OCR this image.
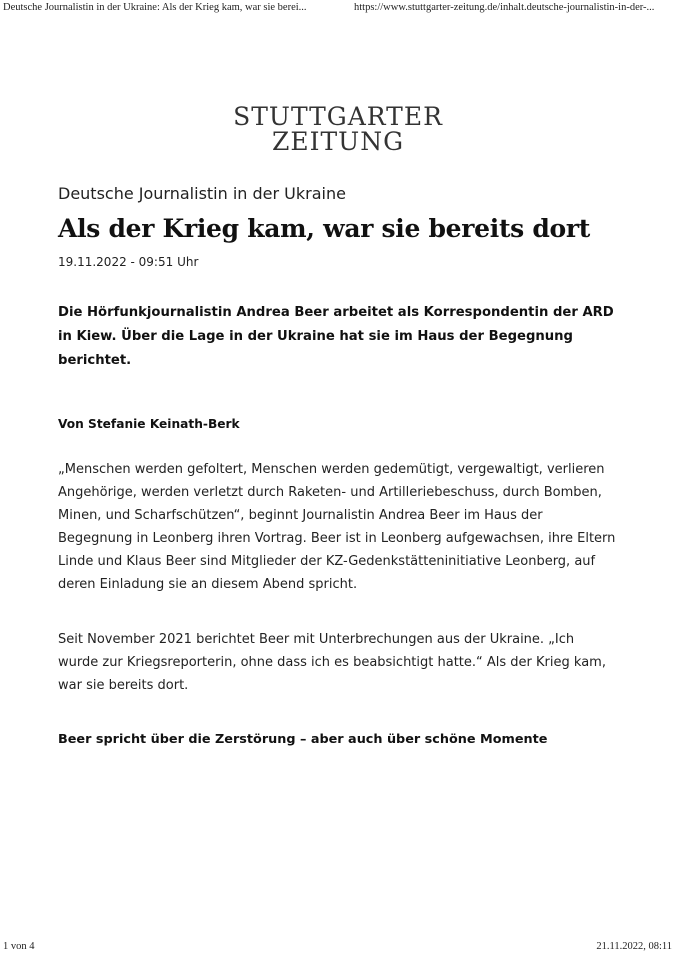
Deutsche Journalistin in der Ukraine: Als der Krieg kam, war sie berei...	https://www.stuttgarter-zeitung.de/inhalt.deutsche-journalistin-in-der-...
STUTTGARTER
ZEITUNG

Deutsche Journalistin in der Ukraine

Als der Krieg kam, war sie bereits dort

19.11.2022 - 09:51 Uhr

Die Hörfunkjournalistin Andrea Beer arbeitet als Korrespondentin der ARD in Kiew. Über die Lage in der Ukraine hat sie im Haus der Begegnung berichtet.

Von Stefanie Keinath-Berk

„Menschen werden gefoltert, Menschen werden gedemütigt, vergewaltigt, verlieren Angehörige, werden verletzt durch Raketen- und Artilleriebeschuss, durch Bomben, Minen, und Scharfschützen“, beginnt Journalistin Andrea Beer im Haus der Begegnung in Leonberg ihren Vortrag. Beer ist in Leonberg aufgewachsen, ihre Eltern Linde und Klaus Beer sind Mitglieder der KZ-Gedenkstätteninitiative Leonberg, auf deren Einladung sie an diesem Abend spricht.

Seit November 2021 berichtet Beer mit Unterbrechungen aus der Ukraine. „Ich wurde zur Kriegsreporterin, ohne dass ich es beabsichtigt hatte.“ Als der Krieg kam, war sie bereits dort.

Beer spricht über die Zerstörung – aber auch über schöne Momente
1 von 4	21.11.2022, 08:11
